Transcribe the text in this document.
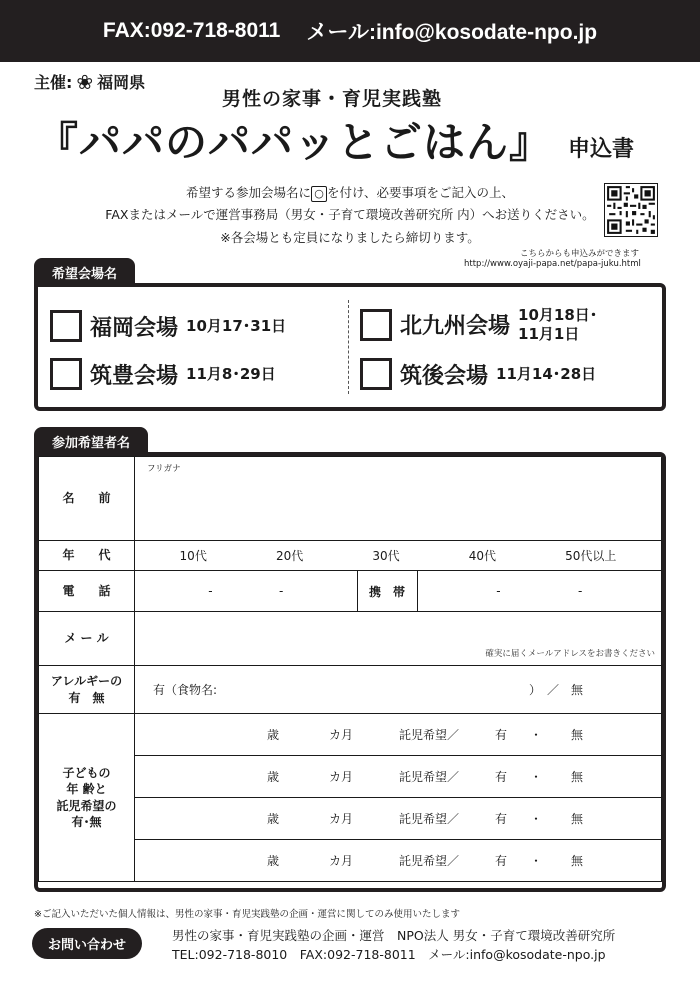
FAX:092-718-8011 メール:info@kosodate-npo.jp
主催: ❀ 福岡県
男性の家事・育児実践塾
『パパのパパッとごはん』 申込書
希望する参加会場名に ○ を付け、必要事項をご記入の上、
FAXまたはメールで運営事務局（男女・子育て環境改善研究所 内）へお送りください。
※各会場とも定員になりましたら締切ります。
こちらからも申込みができます
http://www.oyaji-papa.net/papa-juku.html
希望会場名
福岡会場 10月17･31日	北九州会場 10月18日･
11月1日
筑豊会場 11月8･29日	筑後会場 11月14･28日
参加希望者名
名　　前	$^{フリガナ}$
年　　代	10代	20代	30代	40代	50代以上

電　　話		-	-	携　帯	-	-

メ ー ル	
確実に届くメールアドレスをお書きください

アレルギーの
有　無

有（食物名:	）　／　無

子どもの
年 齢と
託児希望の
有･無

歳	カ月	託児希望／	有	･	無

歳	カ月	託児希望／	有	･	無

歳	カ月	託児希望／	有	･	無

歳	カ月	託児希望／	有	･	無
※ご記入いただいた個人情報は、男性の家事・育児実践塾の企画・運営に関してのみ使用いたします
お問い合わせ
男性の家事・育児実践塾の企画・運営　NPO法人 男女・子育て環境改善研究所
TEL:092-718-8010　FAX:092-718-8011　メール:info@kosodate-npo.jp
